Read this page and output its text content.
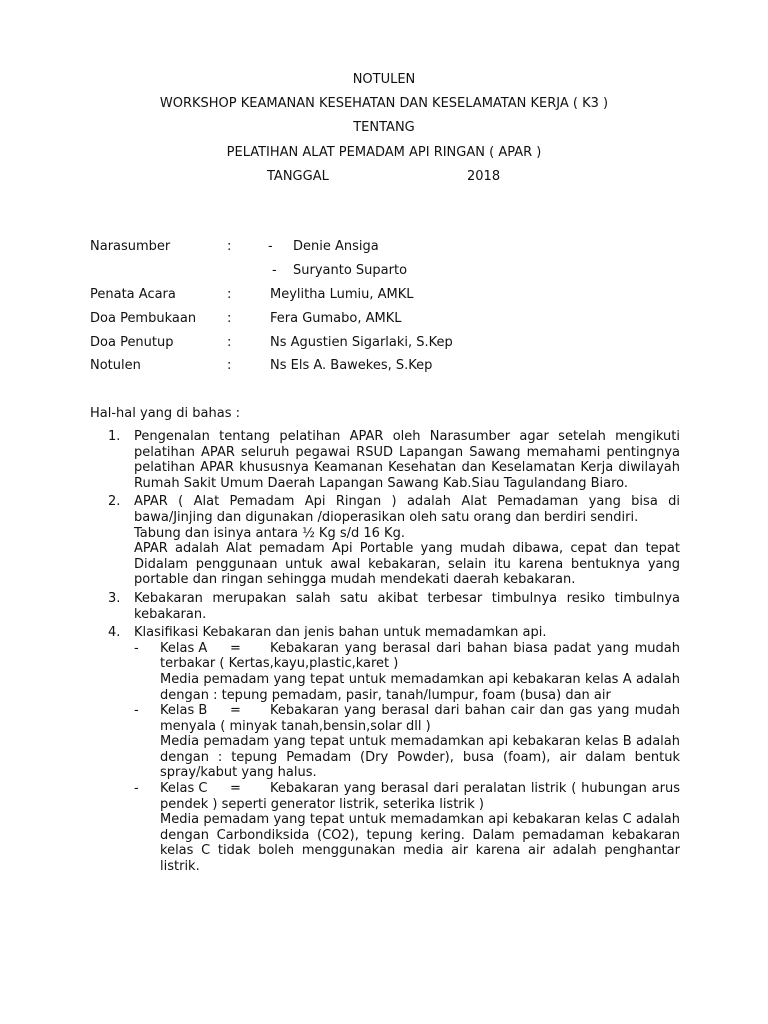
NOTULEN
WORKSHOP KEAMANAN KESEHATAN DAN KESELAMATAN KERJA ( K3 )
TENTANG
PELATIHAN ALAT PEMADAM API RINGAN ( APAR )
TANGGAL	2018
Narasumber	:	- Denie Ansiga
- Suryanto Suparto
Penata Acara	:	Meylitha Lumiu, AMKL
Doa Pembukaan :	Fera Gumabo, AMKL
Doa Penutup	:	Ns Agustien Sigarlaki, S.Kep
Notulen	:	Ns Els A. Bawekes, S.Kep
Hal-hal yang di bahas :
1. Pengenalan tentang pelatihan APAR oleh Narasumber agar setelah mengikuti pelatihan APAR seluruh pegawai RSUD Lapangan Sawang memahami pentingnya pelatihan APAR khususnya Keamanan Kesehatan dan Keselamatan Kerja diwilayah Rumah Sakit Umum Daerah Lapangan Sawang Kab.Siau Tagulandang Biaro.

2. APAR ( Alat Pemadam Api Ringan ) adalah Alat Pemadaman yang bisa di bawa/Jinjing dan digunakan /dioperasikan oleh satu orang dan berdiri sendiri.

Tabung dan isinya antara ½ Kg s/d 16 Kg.

APAR adalah Alat pemadam Api Portable yang mudah dibawa, cepat dan tepat Didalam penggunaan untuk awal kebakaran, selain itu karena bentuknya yang portable dan ringan sehingga mudah mendekati daerah kebakaran.

3. Kebakaran merupakan salah satu akibat terbesar timbulnya resiko timbulnya kebakaran.

4. Klasifikasi Kebakaran dan jenis bahan untuk memadamkan api.

- Kelas A = Kebakaran yang berasal dari bahan biasa padat yang mudah terbakar ( Kertas,kayu,plastic,karet )

Media pemadam yang tepat untuk memadamkan api kebakaran kelas A adalah dengan : tepung pemadam, pasir, tanah/lumpur, foam (busa) dan air

- Kelas B = Kebakaran yang berasal dari bahan cair dan gas yang mudah menyala ( minyak tanah,bensin,solar dll )

Media pemadam yang tepat untuk memadamkan api kebakaran kelas B adalah dengan : tepung Pemadam (Dry Powder), busa (foam), air dalam bentuk spray/kabut yang halus.

- Kelas C = Kebakaran yang berasal dari peralatan listrik ( hubungan arus pendek ) seperti generator listrik, seterika listrik )

Media pemadam yang tepat untuk memadamkan api kebakaran kelas C adalah dengan Carbondiksida (CO2), tepung kering. Dalam pemadaman kebakaran kelas C tidak boleh menggunakan media air karena air adalah penghantar listrik.
